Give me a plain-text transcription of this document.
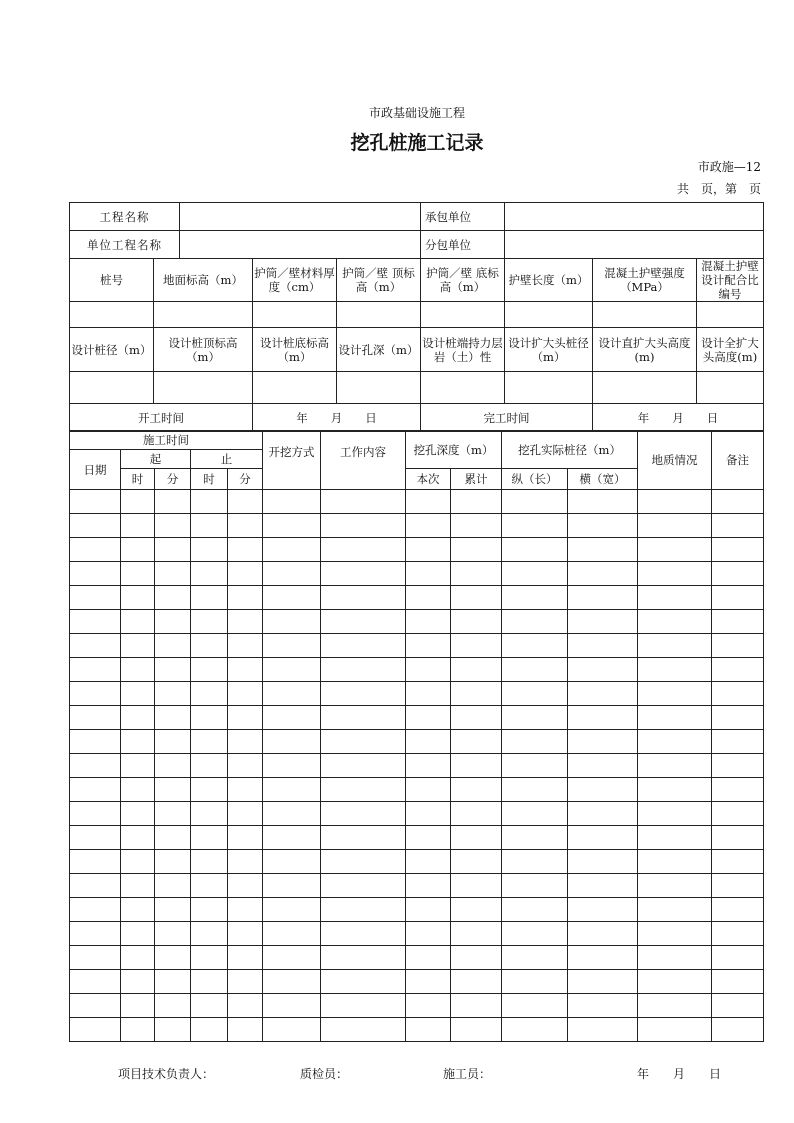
市政基础设施工程
挖孔桩施工记录
市政施—12
共　页，第　页
工程名称					承包单位			
单位工程名称					分包单位			
桩号	地面标高（m）		护筒／壁材料厚度（cm）	护筒／壁 顶标高（m）	护筒／壁 底标高（m）	护壁长度（m）	混凝土护壁强度（MPa）	混凝土护壁设计配合比编号

设计桩径（m）	设计桩顶标高（m）		设计桩底标高（m）	设计孔深（m）	设计桩端持力层岩（土）性	设计扩大头桩径（m）	设计直扩大头高度(m)	设计全扩大头高度(m)

开工时间			年　　月　　日		完工时间		年　　月　　日	
施工时间					开挖方式	工作内容	挖孔深度（m）		挖孔实际桩径（m）		地质情况	备注
日期	起		止									
	时	分	时	分			本次	累计	纵（长）	横（宽）		

项目技术负责人：	质检员：	施工员：	年　　月　　日
